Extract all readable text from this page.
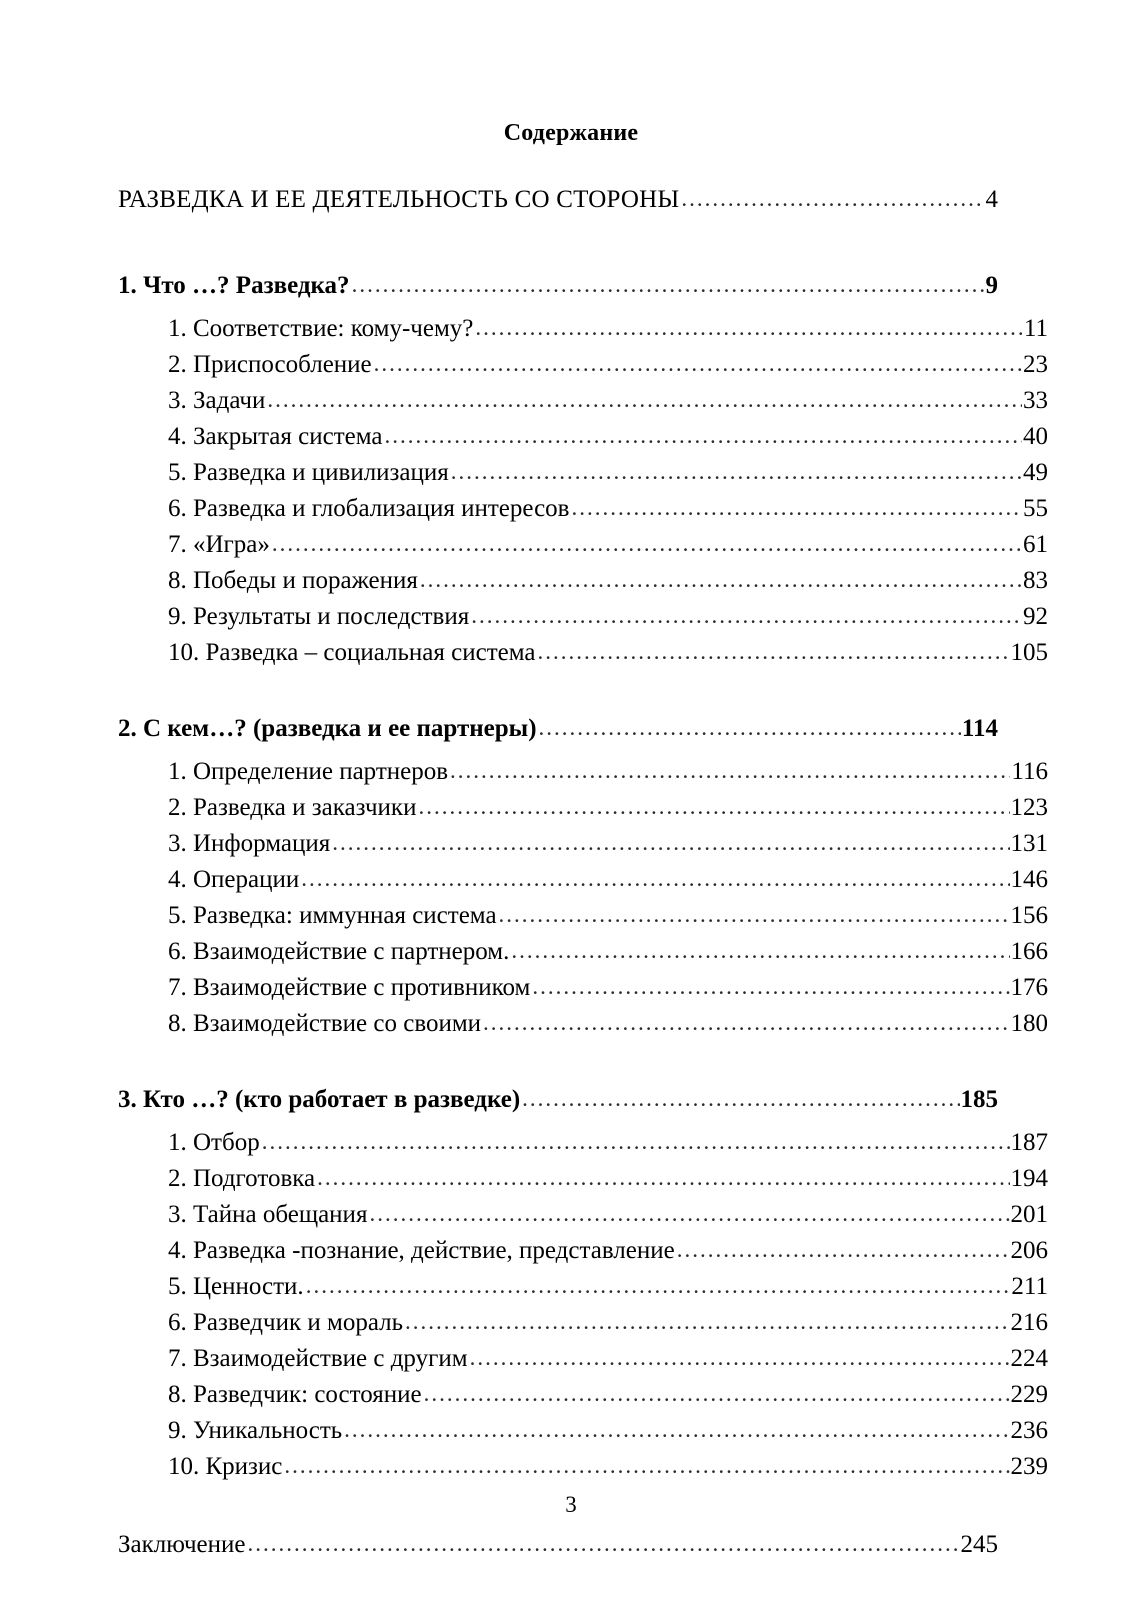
Содержание
РАЗВЕДКА И ЕЕ ДЕЯТЕЛЬНОСТЬ СО СТОРОНЫ .....	4
1. Что …? Разведка? .....	9
1. Соответствие: кому-чему? .....	11
2. Приспособление .....	23
3. Задачи .....	33
4. Закрытая система .....	40
5. Разведка и цивилизация .....	49
6. Разведка и глобализация интересов .....	55
7. «Игра» .....	61
8. Победы и поражения .....	83
9. Результаты и последствия .....	92
10. Разведка – социальная система .....	105
2. С кем…? (разведка и ее партнеры) .....	114
1. Определение партнеров .....	116
2. Разведка и заказчики .....	123
3. Информация .....	131
4. Операции .....	146
5. Разведка: иммунная система .....	156
6. Взаимодействие с партнером. .....	166
7. Взаимодействие с противником .....	176
8. Взаимодействие со своими .....	180
3. Кто …? (кто работает в разведке) .....	185
1. Отбор .....	187
2. Подготовка .....	194
3. Тайна обещания .....	201
4. Разведка -познание, действие, представление .....	206
5. Ценности. .....	211
6. Разведчик и мораль .....	216
7. Взаимодействие с другим .....	224
8. Разведчик: состояние .....	229
9. Уникальность .....	236
10. Кризис .....	239
Заключение .....	245
3
